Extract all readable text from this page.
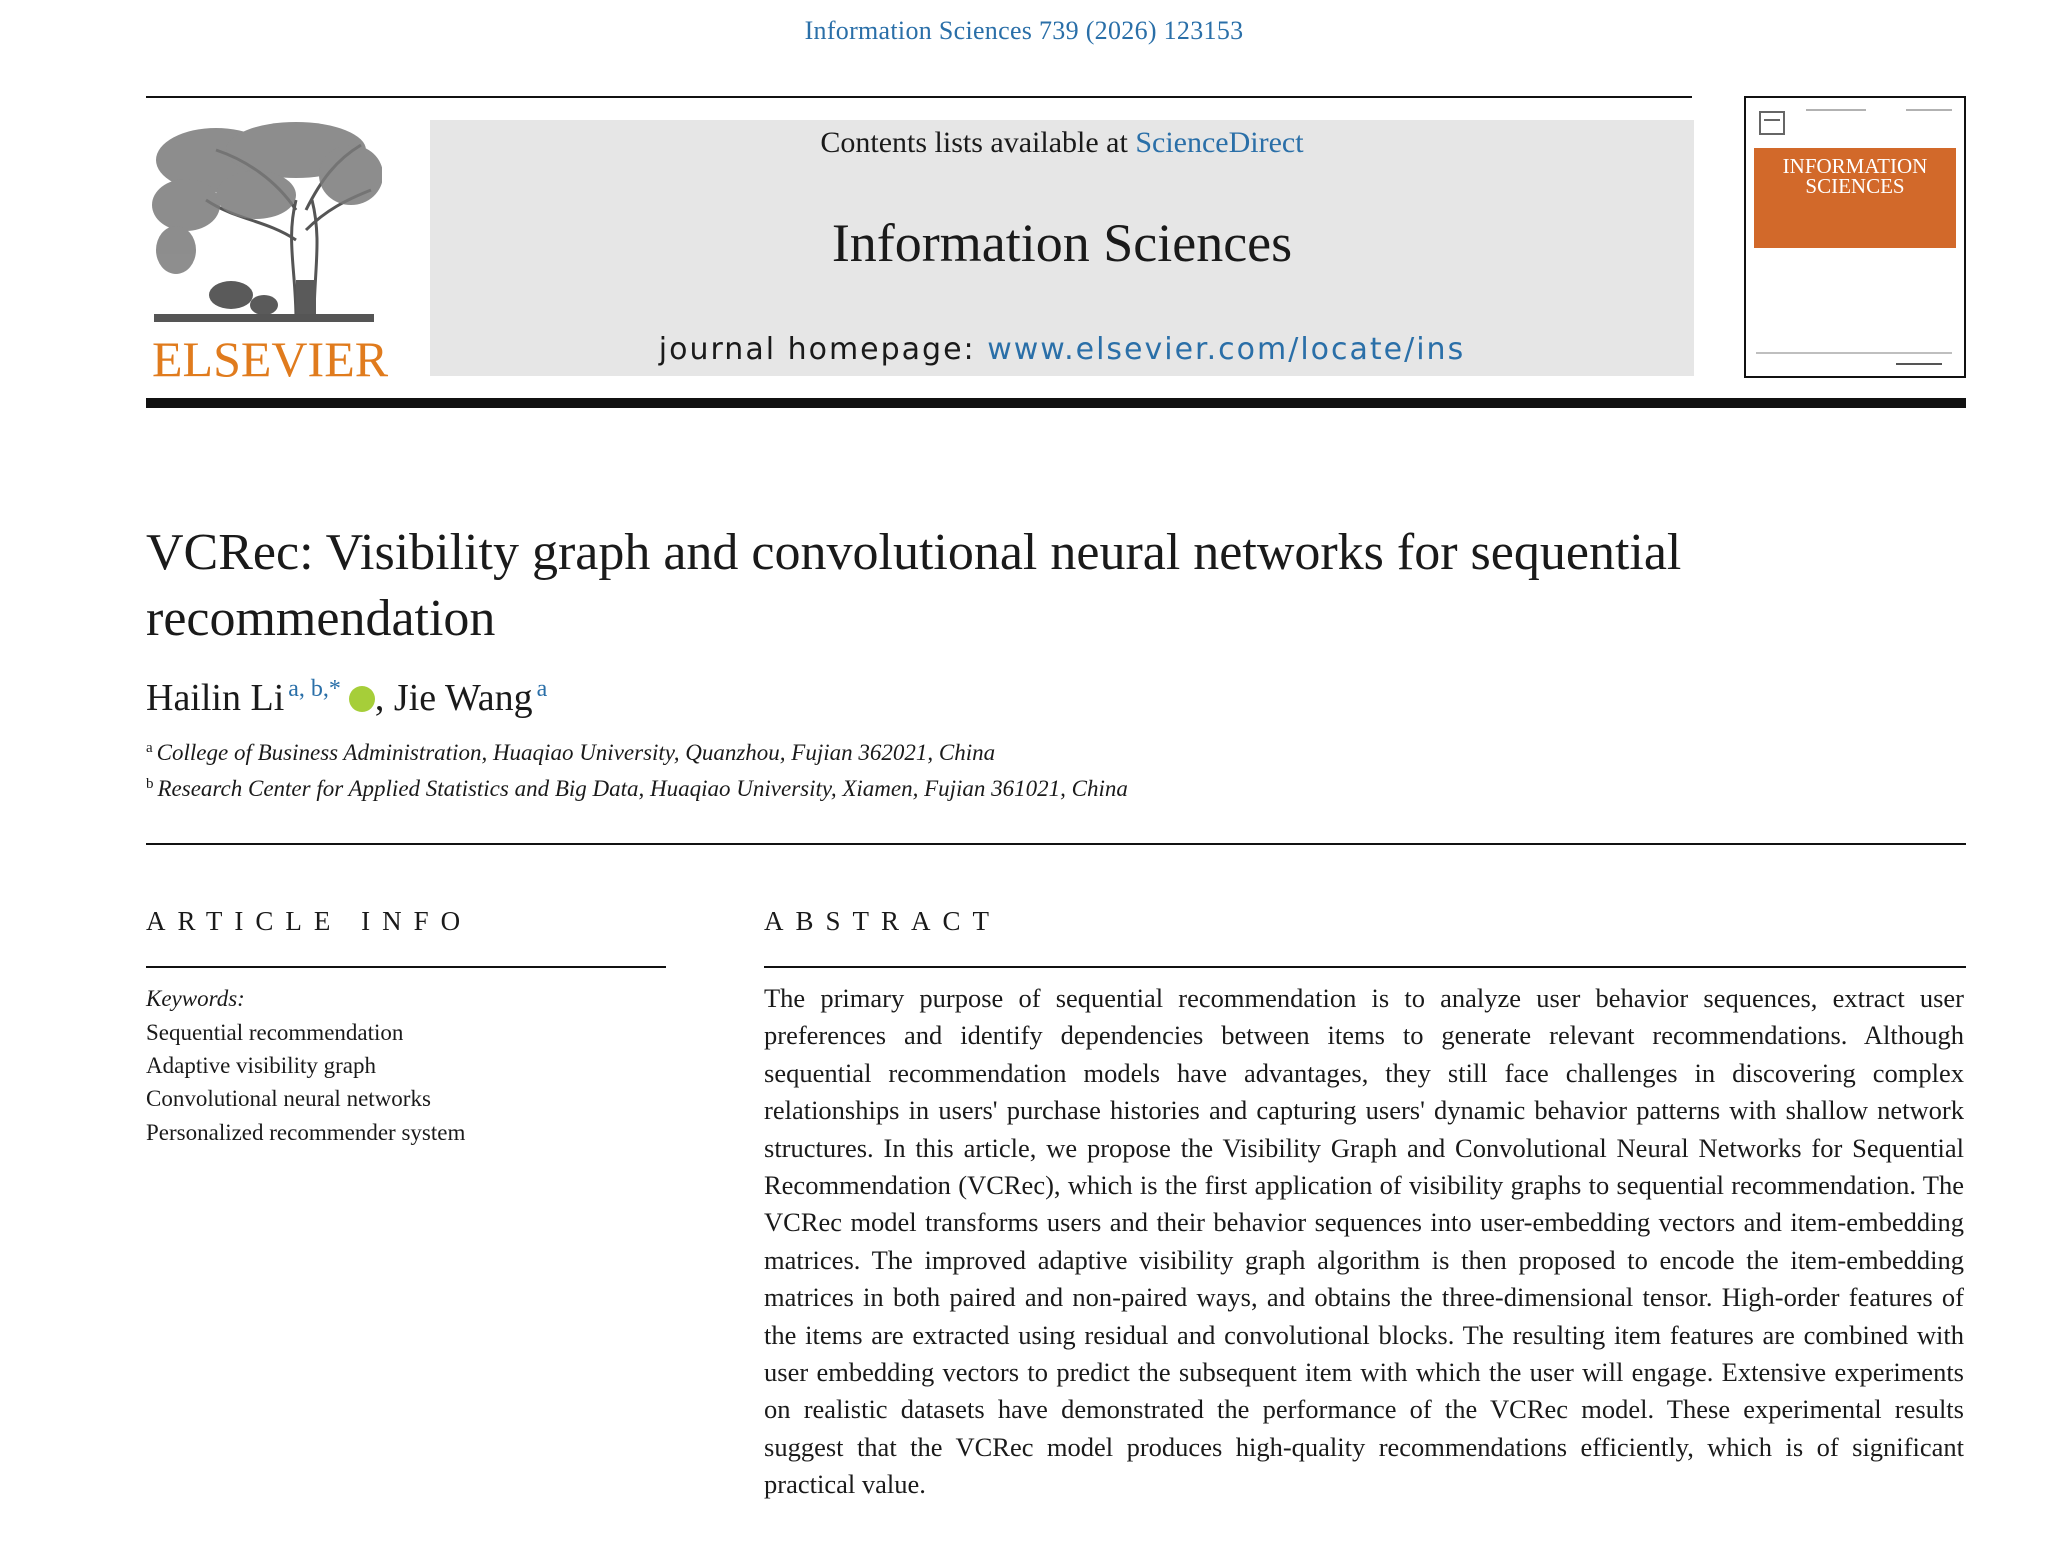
Information Sciences 739 (2026) 123153
ELSEVIER
Contents lists available at ScienceDirect
Information Sciences
journal homepage: www.elsevier.com/locate/ins
INFORMATION
SCIENCES
VCRec: Visibility graph and convolutional neural networks for sequential recommendation
Hailin Li $^{a, b,*}$ , Jie Wang $^a$
$^a$ College of Business Administration, Huaqiao University, Quanzhou, Fujian 362021, China
$^b$ Research Center for Applied Statistics and Big Data, Huaqiao University, Xiamen, Fujian 361021, China
ARTICLE INFO
Keywords:
Sequential recommendation
Adaptive visibility graph
Convolutional neural networks
Personalized recommender system
ABSTRACT
The primary purpose of sequential recommendation is to analyze user behavior sequences, extract user preferences and identify dependencies between items to generate relevant recommendations. Although sequential recommendation models have advantages, they still face challenges in discovering complex relationships in users' purchase histories and capturing users' dynamic behavior patterns with shallow network structures. In this article, we propose the Visibility Graph and Convolutional Neural Networks for Sequential Recommendation (VCRec), which is the first application of visibility graphs to sequential recommendation. The VCRec model transforms users and their behavior sequences into user-embedding vectors and item-embedding matrices. The improved adaptive visibility graph algorithm is then proposed to encode the item-embedding matrices in both paired and non-paired ways, and obtains the three-dimensional tensor. High-order features of the items are extracted using residual and convolutional blocks. The resulting item features are combined with user embedding vectors to predict the subsequent item with which the user will engage. Extensive experiments on realistic datasets have demonstrated the performance of the VCRec model. These experimental results suggest that the VCRec model produces high-quality recommendations efficiently, which is of significant practical value.
